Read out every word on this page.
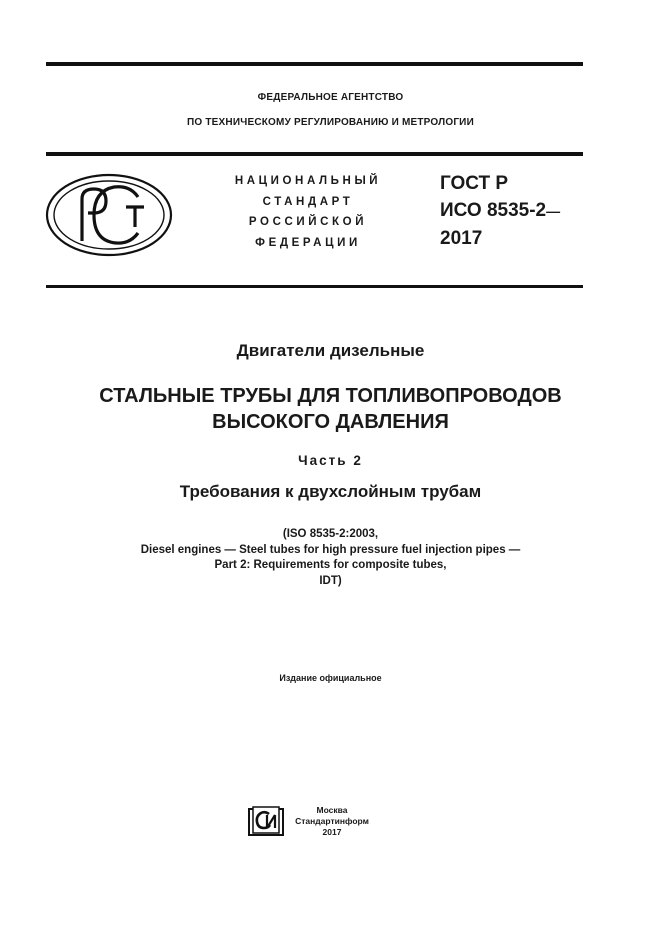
ФЕДЕРАЛЬНОЕ АГЕНТСТВО
ПО ТЕХНИЧЕСКОМУ РЕГУЛИРОВАНИЮ И МЕТРОЛОГИИ
НАЦИОНАЛЬНЫЙ
СТАНДАРТ
РОССИЙСКОЙ
ФЕДЕРАЦИИ
ГОСТ Р
ИСО 8535-2—
2017
Двигатели дизельные
СТАЛЬНЫЕ ТРУБЫ ДЛЯ ТОПЛИВОПРОВОДОВ
ВЫСОКОГО ДАВЛЕНИЯ
Часть 2
Требования к двухслойным трубам
(ISO 8535-2:2003,
Diesel engines — Steel tubes for high pressure fuel injection pipes —
Part 2: Requirements for composite tubes,
IDT)
Издание официальное
Москва
Стандартинформ
2017
